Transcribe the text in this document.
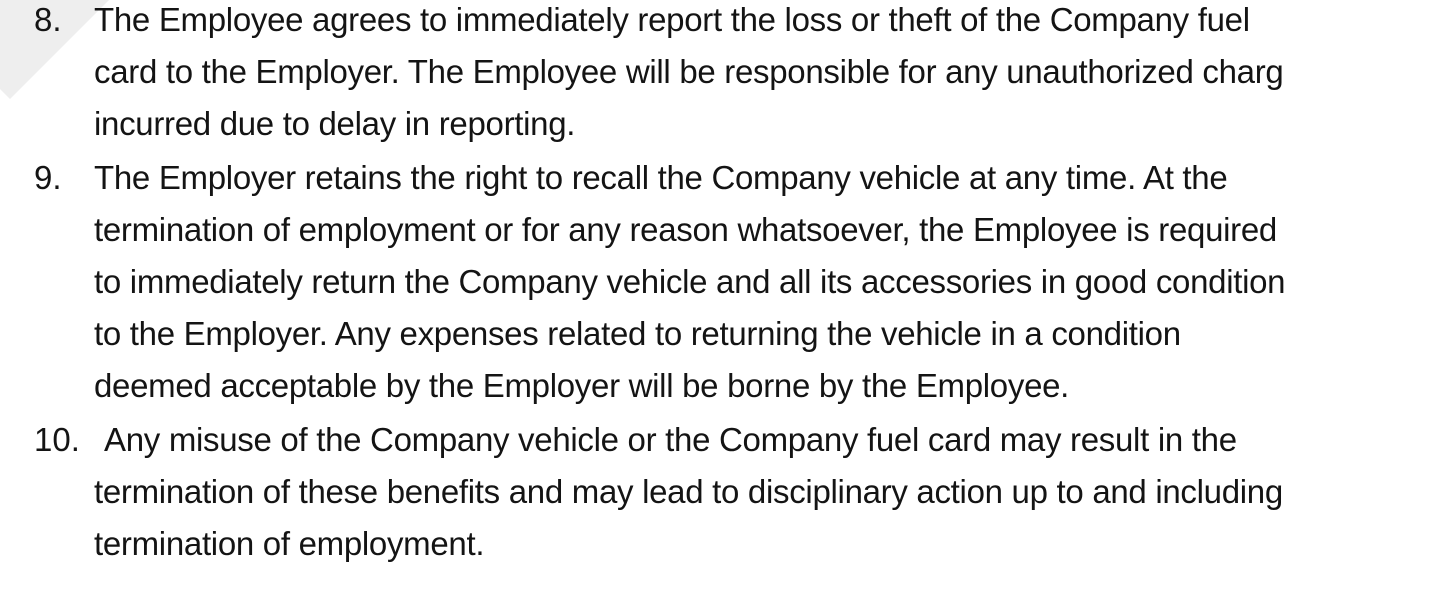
8. The Employee agrees to immediately report the loss or theft of the Company fuel
card to the Employer. The Employee will be responsible for any unauthorized charg
incurred due to delay in reporting.
9. The Employer retains the right to recall the Company vehicle at any time. At the
termination of employment or for any reason whatsoever, the Employee is required
to immediately return the Company vehicle and all its accessories in good condition
to the Employer. Any expenses related to returning the vehicle in a condition
deemed acceptable by the Employer will be borne by the Employee.
10. Any misuse of the Company vehicle or the Company fuel card may result in the
termination of these benefits and may lead to disciplinary action up to and including
termination of employment.
